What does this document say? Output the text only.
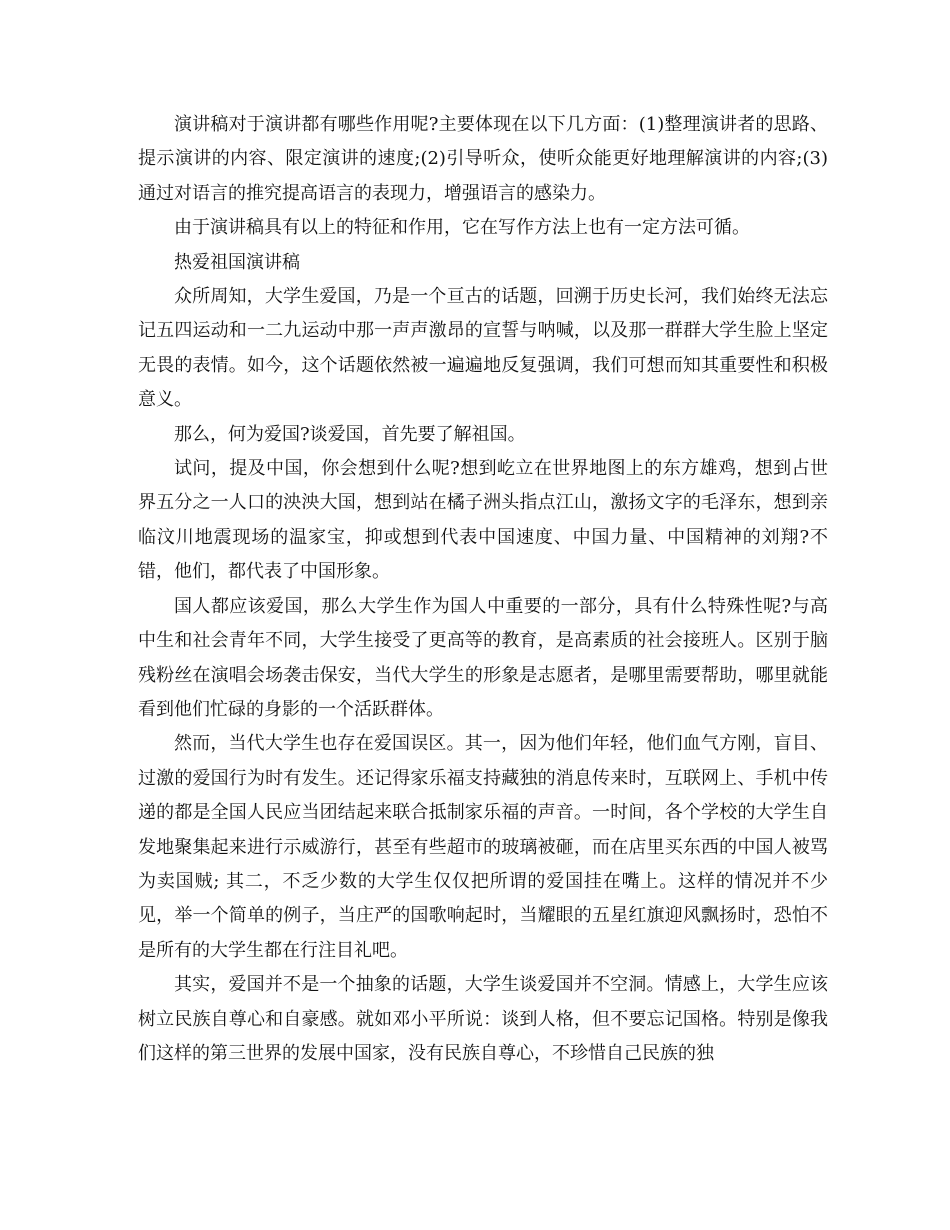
演讲稿对于演讲都有哪些作用呢?主要体现在以下几方面：(1)整理演讲者的思路、提示演讲的内容、限定演讲的速度;(2)引导听众，使听众能更好地理解演讲的内容;(3)通过对语言的推究提高语言的表现力，增强语言的感染力。

由于演讲稿具有以上的特征和作用，它在写作方法上也有一定方法可循。

热爱祖国演讲稿

众所周知，大学生爱国，乃是一个亘古的话题，回溯于历史长河，我们始终无法忘记五四运动和一二九运动中那一声声激昂的宣誓与呐喊，以及那一群群大学生脸上坚定无畏的表情。如今，这个话题依然被一遍遍地反复强调，我们可想而知其重要性和积极意义。

那么，何为爱国?谈爱国，首先要了解祖国。

试问，提及中国，你会想到什么呢?想到屹立在世界地图上的东方雄鸡，想到占世界五分之一人口的泱泱大国，想到站在橘子洲头指点江山，激扬文字的毛泽东，想到亲临汶川地震现场的温家宝，抑或想到代表中国速度、中国力量、中国精神的刘翔?不错，他们，都代表了中国形象。

国人都应该爱国，那么大学生作为国人中重要的一部分，具有什么特殊性呢?与高中生和社会青年不同，大学生接受了更高等的教育，是高素质的社会接班人。区别于脑残粉丝在演唱会场袭击保安，当代大学生的形象是志愿者，是哪里需要帮助，哪里就能看到他们忙碌的身影的一个活跃群体。

然而，当代大学生也存在爱国误区。其一，因为他们年轻，他们血气方刚，盲目、过激的爱国行为时有发生。还记得家乐福支持藏独的消息传来时，互联网上、手机中传递的都是全国人民应当团结起来联合抵制家乐福的声音。一时间，各个学校的大学生自发地聚集起来进行示威游行，甚至有些超市的玻璃被砸，而在店里买东西的中国人被骂为卖国贼; 其二，不乏少数的大学生仅仅把所谓的爱国挂在嘴上。这样的情况并不少见，举一个简单的例子，当庄严的国歌响起时，当耀眼的五星红旗迎风飘扬时，恐怕不是所有的大学生都在行注目礼吧。

其实，爱国并不是一个抽象的话题，大学生谈爱国并不空洞。情感上，大学生应该树立民族自尊心和自豪感。就如邓小平所说：谈到人格，但不要忘记国格。特别是像我们这样的第三世界的发展中国家，没有民族自尊心，不珍惜自己民族的独
